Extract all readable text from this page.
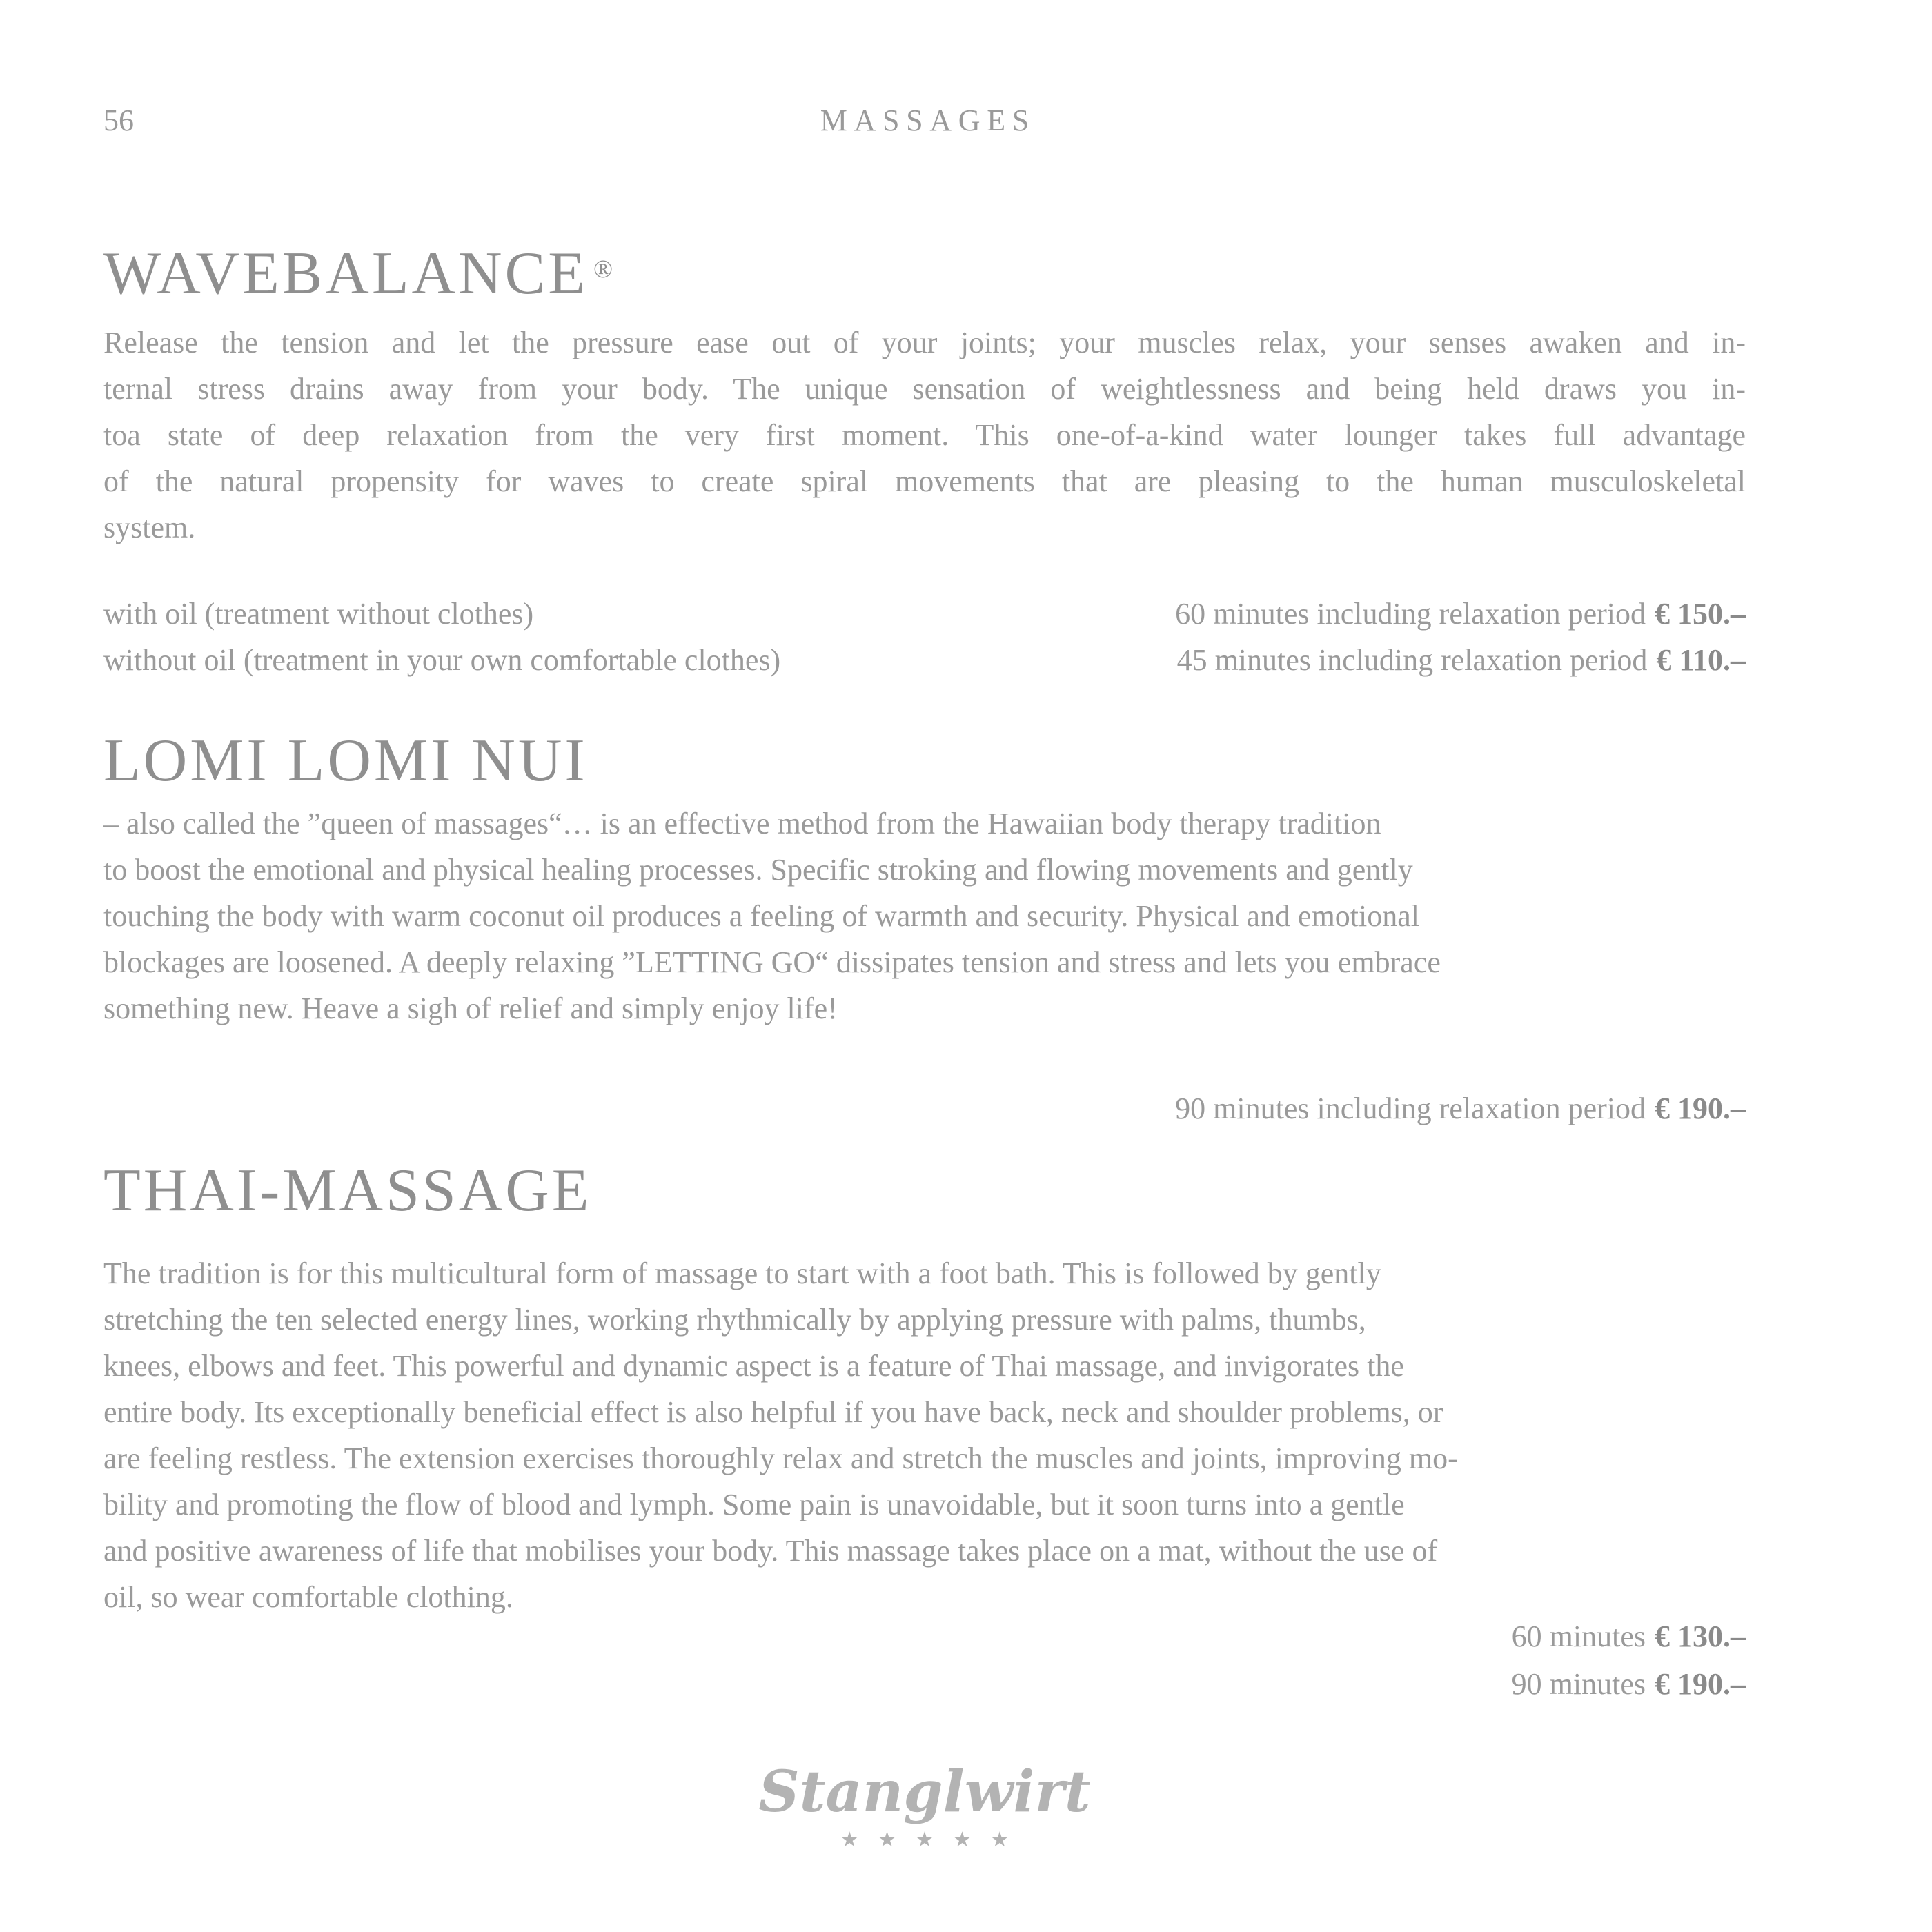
56	MASSAGES
WAVEBALANCE ®
Release the tension and let the pressure ease out of your joints; your muscles relax, your senses awaken and in-
ternal stress drains away from your body. The unique sensation of weightlessness and being held draws you in-
toa state of deep relaxation from the very first moment. This one-of-a-kind water lounger takes full advantage
of the natural propensity for waves to create spiral movements that are pleasing to the human musculoskeletal
system.
with oil (treatment without clothes)	60 minutes including relaxation period € 150.–
without oil (treatment in your own comfortable clothes)	45 minutes including relaxation period € 110.–
LOMI LOMI NUI
– also called the ”queen of massages“… is an effective method from the Hawaiian body therapy tradition
to boost the emotional and physical healing processes. Specific stroking and flowing movements and gently
touching the body with warm coconut oil produces a feeling of warmth and security. Physical and emotional
blockages are loosened. A deeply relaxing ”LETTING GO“ dissipates tension and stress and lets you embrace
something new. Heave a sigh of relief and simply enjoy life!
90 minutes including relaxation period € 190.–
THAI-MASSAGE
The tradition is for this multicultural form of massage to start with a foot bath. This is followed by gently
stretching the ten selected energy lines, working rhythmically by applying pressure with palms, thumbs,
knees, elbows and feet. This powerful and dynamic aspect is a feature of Thai massage, and invigorates the
entire body. Its exceptionally beneficial effect is also helpful if you have back, neck and shoulder problems, or
are feeling restless. The extension exercises thoroughly relax and stretch the muscles and joints, improving mo-
bility and promoting the flow of blood and lymph. Some pain is unavoidable, but it soon turns into a gentle
and positive awareness of life that mobilises your body. This massage takes place on a mat, without the use of
oil, so wear comfortable clothing.
60 minutes € 130.–
90 minutes € 190.–
Stanglwirt
★ ★ ★ ★ ★
